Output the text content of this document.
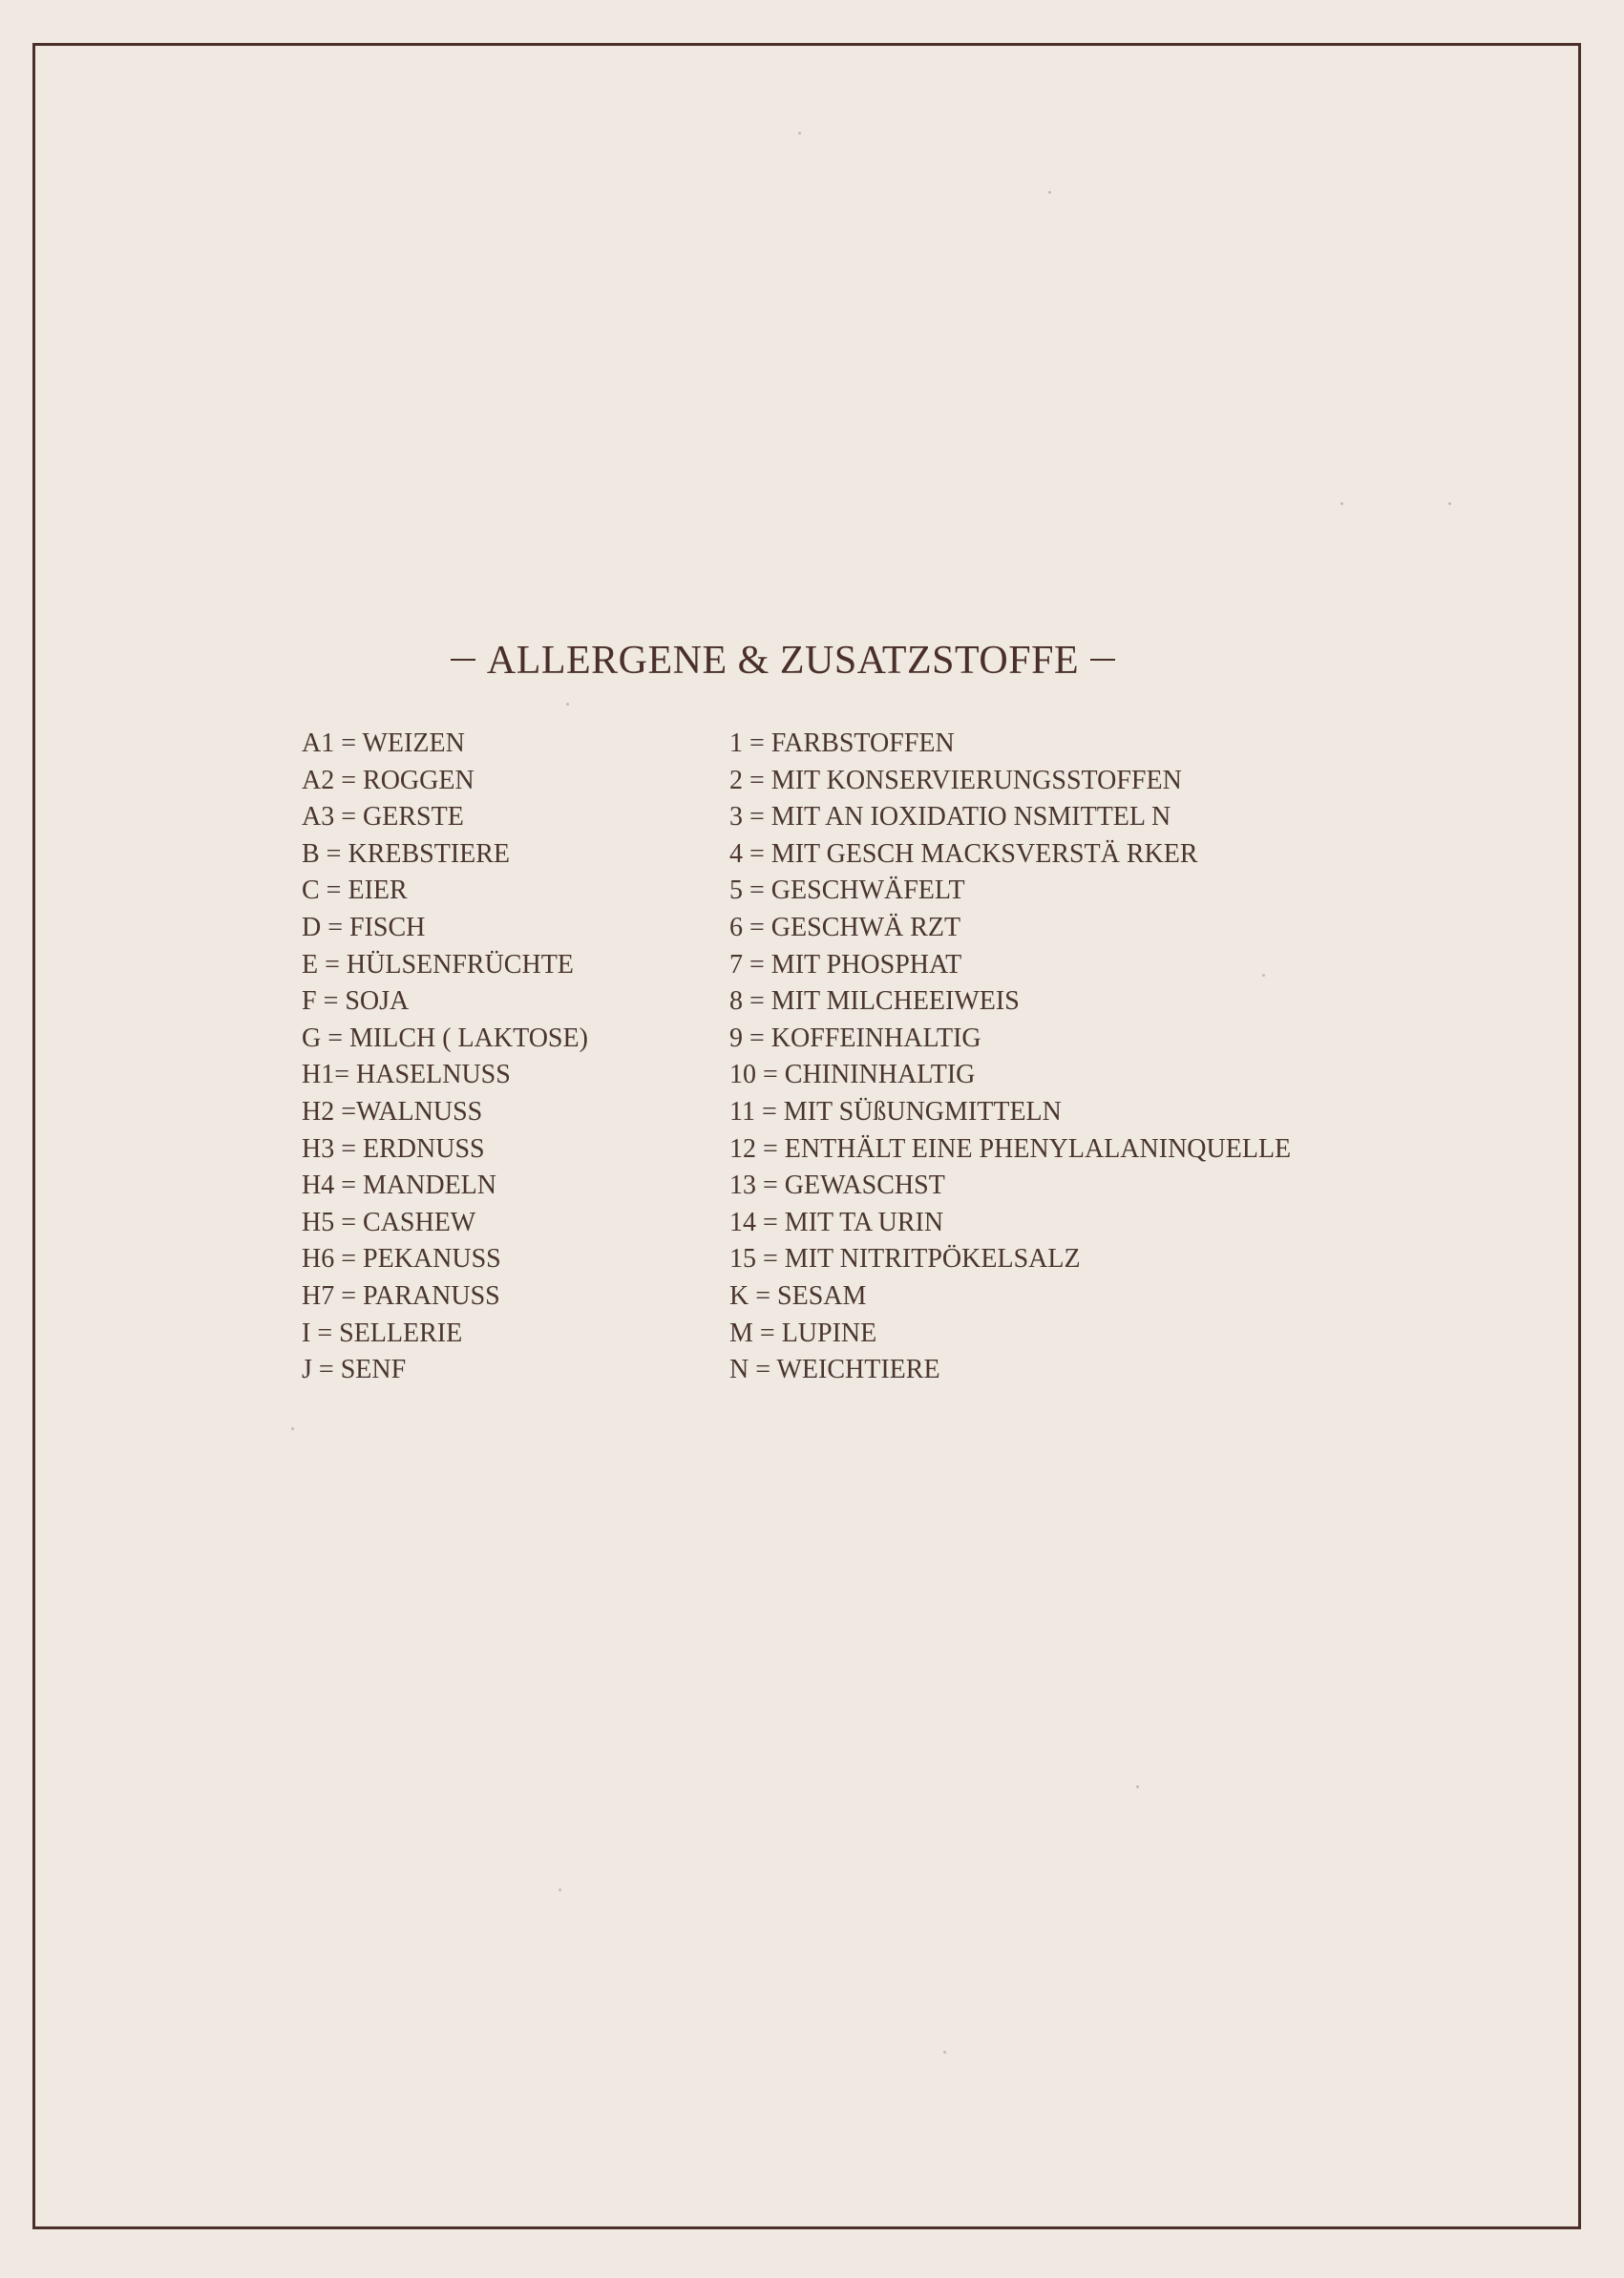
ALLERGENE & ZUSATZSTOFFE
A1 = WEIZEN
A2 = ROGGEN
A3 = GERSTE
B = KREBSTIERE
C = EIER
D = FISCH
E = HÜLSENFRÜCHTE
F = SOJA
G = MILCH ( LAKTOSE)
H1= HASELNUSS
H2 =WALNUSS
H3 = ERDNUSS
H4 = MANDELN
H5 = CASHEW
H6 = PEKANUSS
H7 = PARANUSS
I = SELLERIE
J = SENF
1 = FARBSTOFFEN
2 = MIT KONSERVIERUNGSSTOFFEN
3 = MIT AN IOXIDATIO NSMITTEL N
4 = MIT GESCH MACKSVERSTÄ RKER
5 = GESCHWÄFELT
6 = GESCHWÄ RZT
7 = MIT PHOSPHAT
8 = MIT MILCHEEIWEIS
9 = KOFFEINHALTIG
10 = CHININHALTIG
11 = MIT SÜßUNGMITTELN
12 = ENTHÄLT EINE PHENYLALANINQUELLE
13 = GEWASCHST
14 = MIT TA URIN
15 = MIT NITRITPÖKELSALZ
K = SESAM
M = LUPINE
N = WEICHTIERE
